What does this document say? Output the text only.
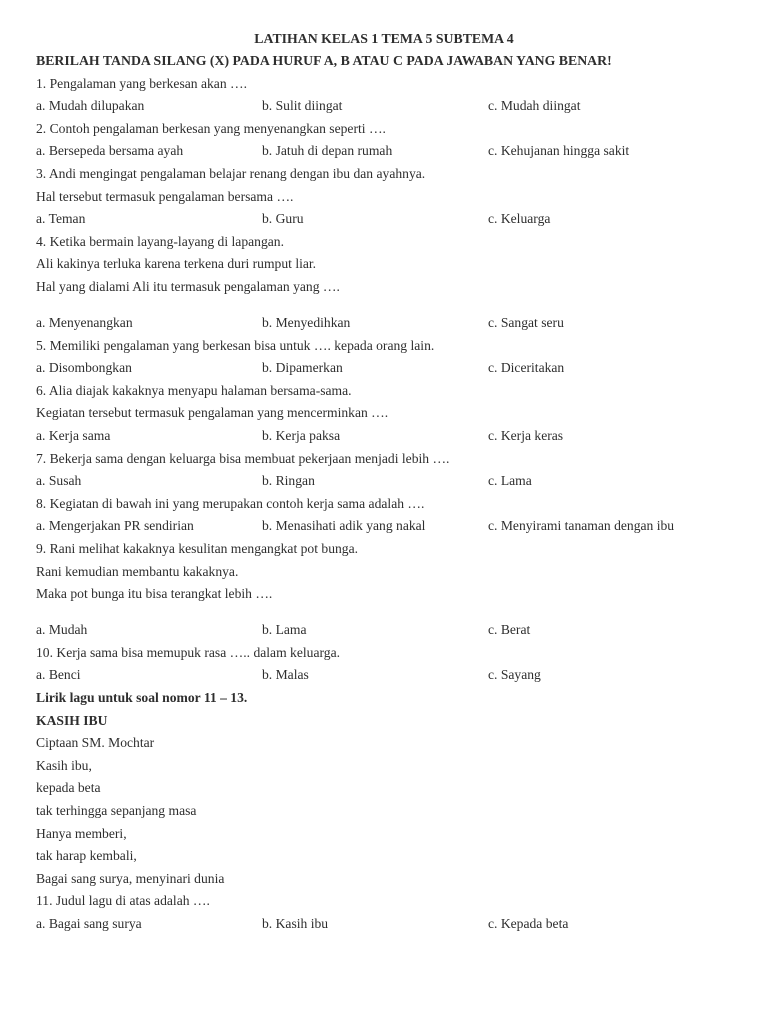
LATIHAN KELAS 1 TEMA 5 SUBTEMA 4
BERILAH TANDA SILANG (X) PADA HURUF A, B ATAU C PADA JAWABAN YANG BENAR!
1. Pengalaman yang berkesan akan ….
a. Mudah dilupakan	b. Sulit diingat	c. Mudah diingat
2. Contoh pengalaman berkesan yang menyenangkan seperti ….
a. Bersepeda bersama ayah	b. Jatuh di depan rumah	c. Kehujanan hingga sakit
3. Andi mengingat pengalaman belajar renang dengan ibu dan ayahnya.
Hal tersebut termasuk pengalaman bersama ….
a. Teman	b. Guru	c. Keluarga
4. Ketika bermain layang-layang di lapangan.
Ali kakinya terluka karena terkena duri rumput liar.
Hal yang dialami Ali itu termasuk pengalaman yang ….
a. Menyenangkan	b. Menyedihkan	c. Sangat seru
5. Memiliki pengalaman yang berkesan bisa untuk …. kepada orang lain.
a. Disombongkan	b. Dipamerkan	c. Diceritakan
6. Alia diajak kakaknya menyapu halaman bersama-sama.
Kegiatan tersebut termasuk pengalaman yang mencerminkan ….
a. Kerja sama	b. Kerja paksa	c. Kerja keras
7. Bekerja sama dengan keluarga bisa membuat pekerjaan menjadi lebih ….
a. Susah	b. Ringan	c. Lama
8. Kegiatan di bawah ini yang merupakan contoh kerja sama adalah ….
a. Mengerjakan PR sendirian	b. Menasihati adik yang nakal	c. Menyirami tanaman dengan ibu
9. Rani melihat kakaknya kesulitan mengangkat pot bunga.
Rani kemudian membantu kakaknya.
Maka pot bunga itu bisa terangkat lebih ….
a. Mudah	b. Lama	c. Berat
10. Kerja sama bisa memupuk rasa ….. dalam keluarga.
a. Benci	b. Malas	c. Sayang
Lirik lagu untuk soal nomor 11 – 13.
KASIH IBU
Ciptaan SM. Mochtar
Kasih ibu,
kepada beta
tak terhingga sepanjang masa
Hanya memberi,
tak harap kembali,
Bagai sang surya, menyinari dunia
11. Judul lagu di atas adalah ….
a. Bagai sang surya	b. Kasih ibu	c. Kepada beta
